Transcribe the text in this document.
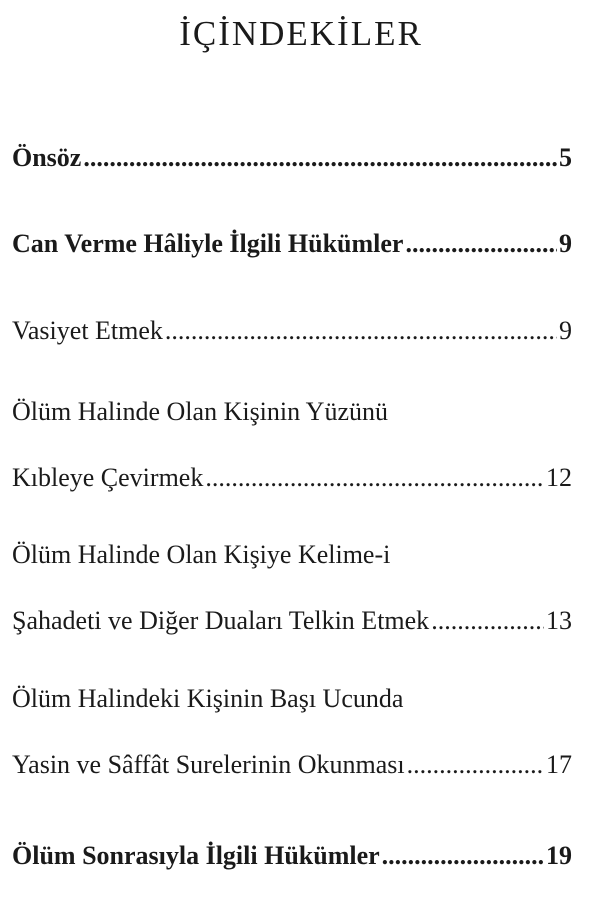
İÇİNDEKİLER
Önsöz .....	5
Can Verme Hâliyle İlgili Hükümler .....	9
Vasiyet Etmek .....	9
Ölüm Halinde Olan Kişinin Yüzünü
Kıbleye Çevirmek .....	12
Ölüm Halinde Olan Kişiye Kelime-i
Şahadeti ve Diğer Duaları Telkin Etmek .....	13
Ölüm Halindeki Kişinin Başı Ucunda
Yasin ve Sâffât Surelerinin Okunması .....	17
Ölüm Sonrasıyla İlgili Hükümler .....	19
